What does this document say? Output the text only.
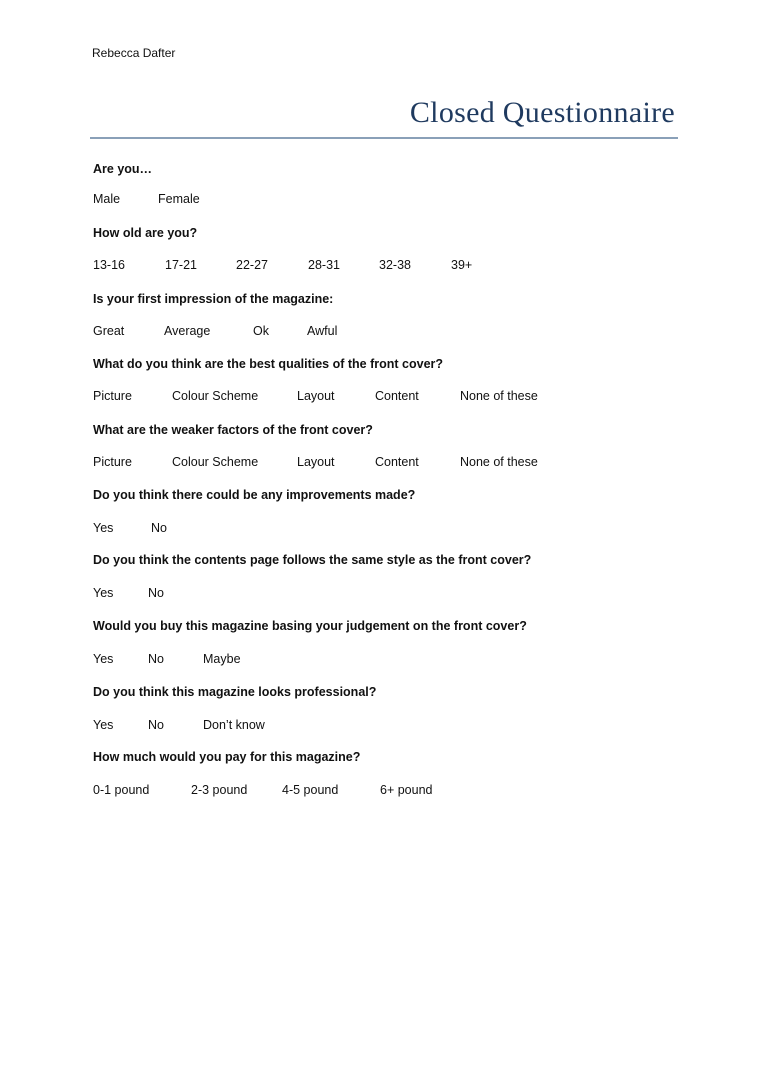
Rebecca Dafter
Closed Questionnaire
Are you…
Male	Female
How old are you?
13-16	17-21	22-27	28-31	32-38	39+
Is your first impression of the magazine:
Great	Average	Ok	Awful
What do you think are the best qualities of the front cover?
Picture	Colour Scheme	Layout	Content	None of these
What are the weaker factors of the front cover?
Picture	Colour Scheme	Layout	Content	None of these
Do you think there could be any improvements made?
Yes	No
Do you think the contents page follows the same style as the front cover?
Yes	No
Would you buy this magazine basing your judgement on the front cover?
Yes	No	Maybe
Do you think this magazine looks professional?
Yes	No	Don’t know
How much would you pay for this magazine?
0-1 pound	2-3 pound	4-5 pound	6+ pound
